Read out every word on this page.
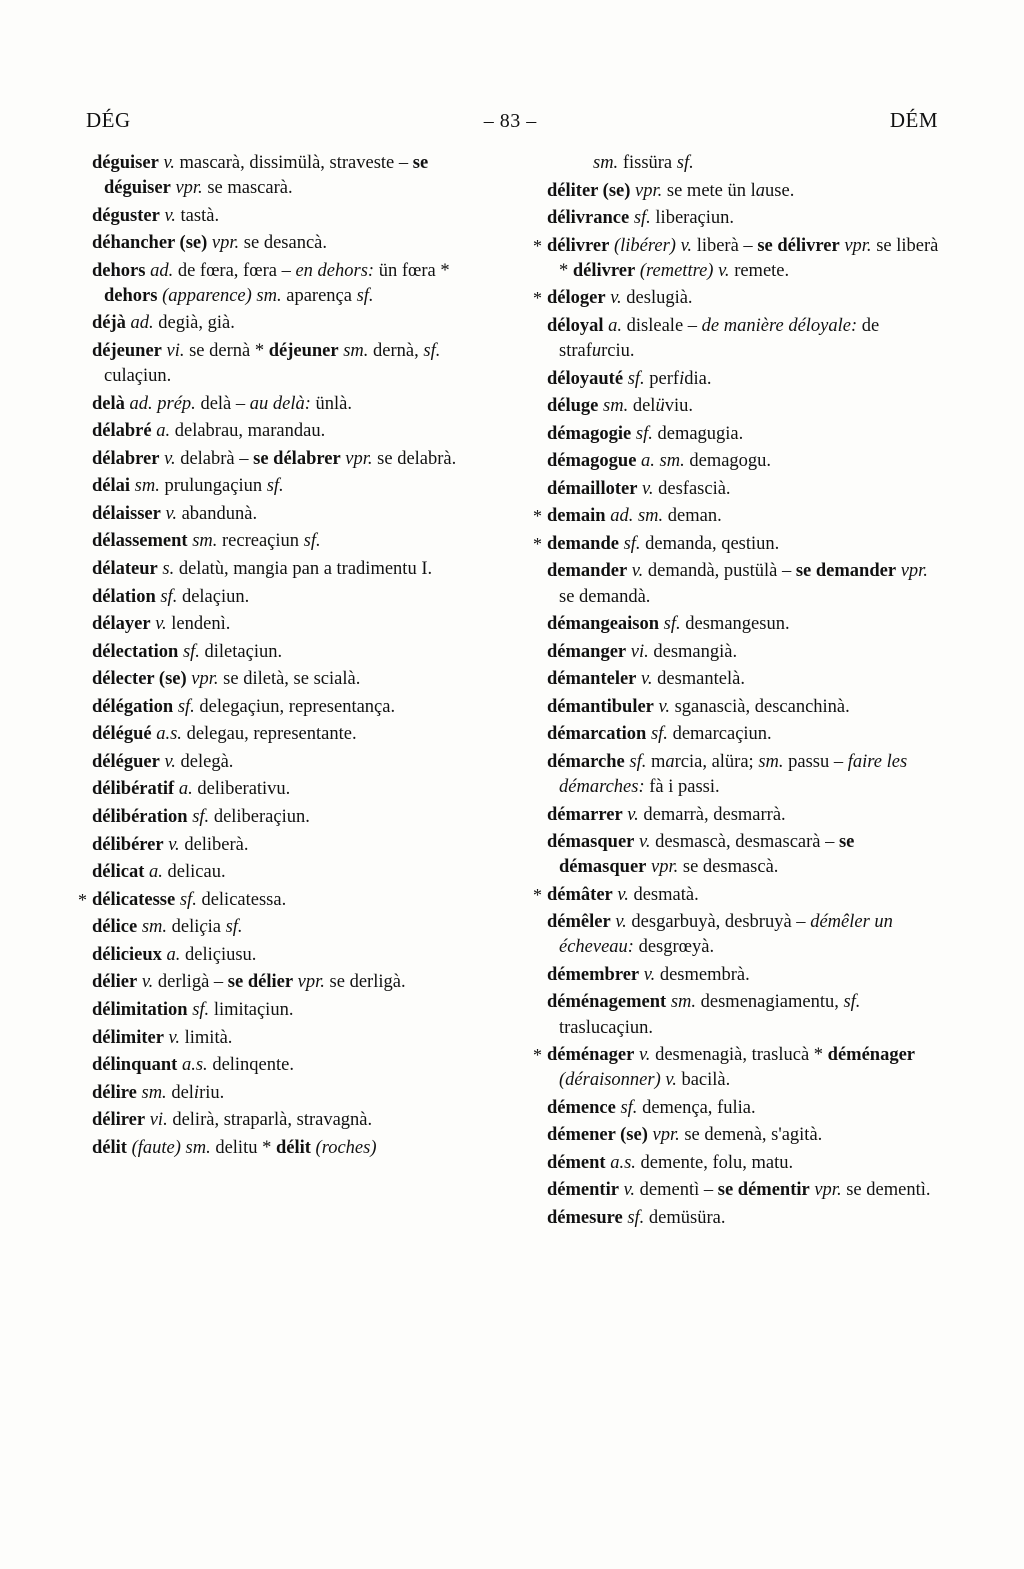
DÉG	– 83 –	DÉM

déguiser v. mascarà, dissimülà, straveste – se déguiser vpr. se mascarà.

déguster v. tastà.

déhancher (se) vpr. se desancà.

dehors ad. de fœra, fœra – en dehors: ün fœra * dehors (apparence) sm. aparença sf.

déjà ad. degià, già.

déjeuner vi. se dernà * déjeuner sm. dernà, sf. culaçiun.

delà ad. prép. delà – au delà: ünlà.

délabré a. delabrau, marandau.

délabrer v. delabrà – se délabrer vpr. se delabrà.

délai sm. prulungaçiun sf.

délaisser v. abandunà.

délassement sm. recreaçiun sf.

délateur s. delatù, mangia pan a tradimentu I.

délation sf. delaçiun.

délayer v. lendenì.

délectation sf. diletaçiun.

délecter (se) vpr. se diletà, se scialà.

délégation sf. delegaçiun, representança.

délégué a.s. delegau, representante.

déléguer v. delegà.

délibératif a. deliberativu.

délibération sf. deliberaçiun.

délibérer v. deliberà.

délicat a. delicau.

* délicatesse sf. delicatessa.

délice sm. deliçia sf.

délicieux a. deliçiusu.

délier v. derligà – se délier vpr. se derligà.

délimitation sf. limitaçiun.

délimiter v. limità.

délinquant a.s. delinqente.

délire sm. deliriu.

délirer vi. delirà, straparlà, stravagnà.

délit (faute) sm. delitu * délit (roches)

sm. fissüra sf.

déliter (se) vpr. se mete ün lause.

délivrance sf. liberaçiun.

* délivrer (libérer) v. liberà – se délivrer vpr. se liberà * délivrer (remettre) v. remete.

* déloger v. deslugià.

déloyal a. disleale – de manière déloyale: de strafurciu.

déloyauté sf. perfidia.

déluge sm. delüviu.

démagogie sf. demagugia.

démagogue a. sm. demagogu.

démailloter v. desfascià.

* demain ad. sm. deman.

* demande sf. demanda, qestiun.

demander v. demandà, pustülà – se demander vpr. se demandà.

démangeaison sf. desmangesun.

démanger vi. desmangià.

démanteler v. desmantelà.

démantibuler v. sganascià, descanchinà.

démarcation sf. demarcaçiun.

démarche sf. marcia, alüra; sm. passu – faire les démarches: fà i passi.

démarrer v. demarrà, desmarrà.

démasquer v. desmascà, desmascarà – se démasquer vpr. se desmascà.

* démâter v. desmatà.

démêler v. desgarbuyà, desbruyà – démêler un écheveau: desgrœyà.

démembrer v. desmembrà.

déménagement sm. desmenagiamentu, sf. traslucaçiun.

* déménager v. desmenagià, traslucà * déménager (déraisonner) v. bacilà.

démence sf. demença, fulia.

démener (se) vpr. se demenà, s'agità.

dément a.s. demente, folu, matu.

démentir v. dementì – se démentir vpr. se dementì.

démesure sf. demüsüra.
